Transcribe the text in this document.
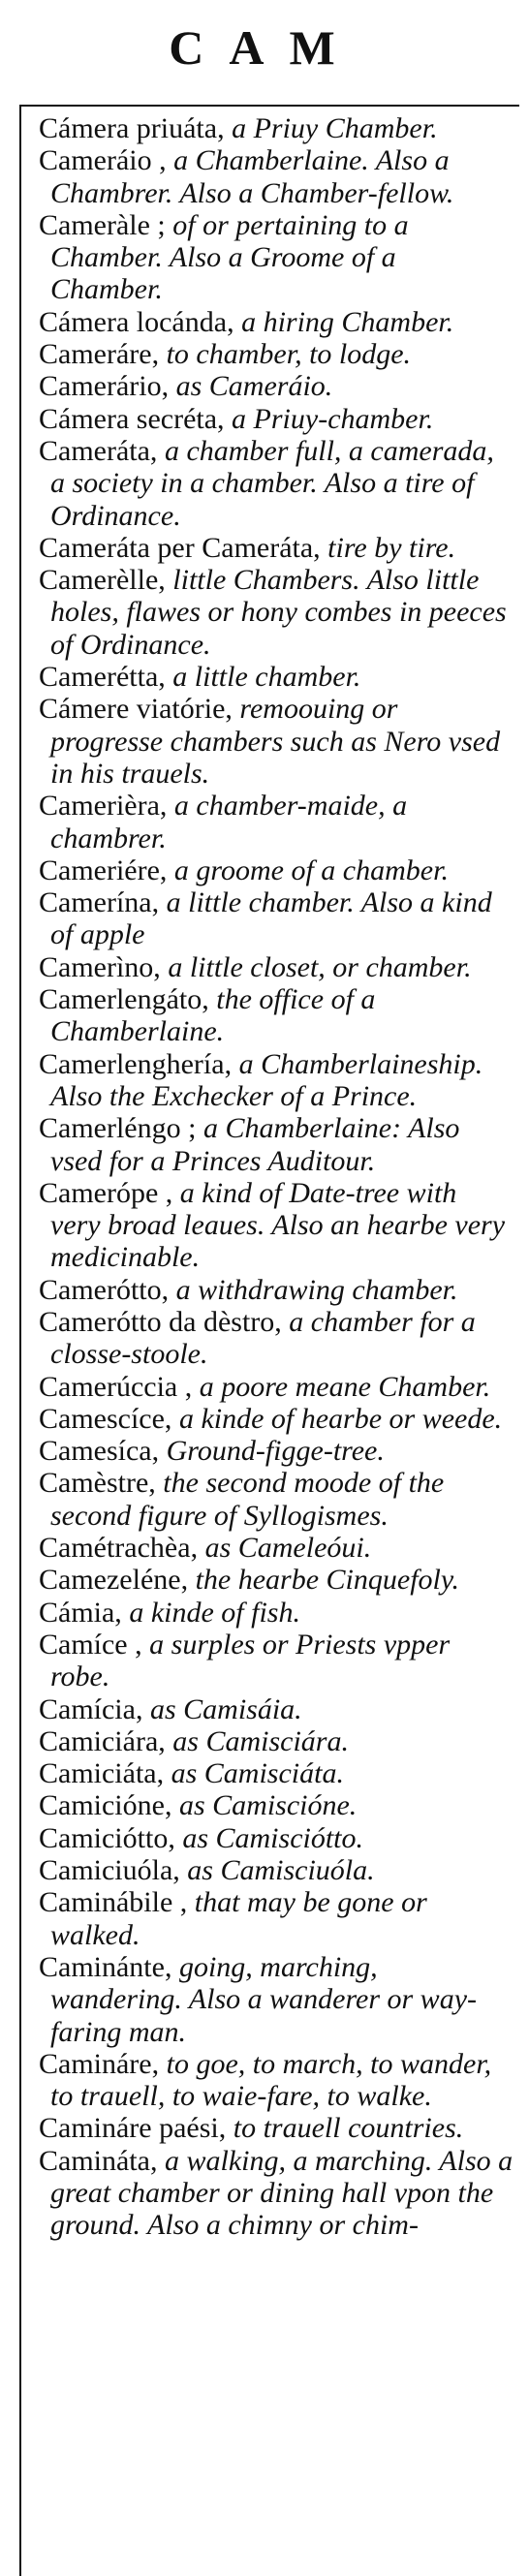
CAM

Cámera priuáta, a Priuy Chamber.

Cameráio , a Chamberlaine. Also a Chambrer. Also a Chamber-fellow.

Cameràle ; of or pertaining to a Chamber. Also a Groome of a Chamber.

Cámera locánda, a hiring Chamber.

Cameráre, to chamber, to lodge.

Camerário, as Cameráio.

Cámera secréta, a Priuy-chamber.

Cameráta, a chamber full, a camerada, a society in a chamber. Also a tire of Ordinance.

Cameráta per Cameráta, tire by tire.

Camerèlle, little Chambers. Also little holes, flawes or hony combes in peeces of Ordinance.

Camerétta, a little chamber.

Cámere viatórie, remoouing or progresse chambers such as Nero vsed in his trauels.

Camerièra, a chamber-maide, a chambrer.

Cameriére, a groome of a chamber.

Camerína, a little chamber. Also a kind of apple

Camerìno, a little closet, or chamber.

Camerlengáto, the office of a Chamberlaine.

Camerlenghería, a Chamberlaineship. Also the Exchecker of a Prince.

Camerléngo ; a Chamberlaine: Also vsed for a Princes Auditour.

Camerópe , a kind of Date-tree with very broad leaues. Also an hearbe very medicinable.

Camerótto, a withdrawing chamber.

Camerótto da dèstro, a chamber for a closse-stoole.

Camerúccia , a poore meane Chamber.

Camescíce, a kinde of hearbe or weede.

Camesíca, Ground-figge-tree.

Camèstre, the second moode of the second figure of Syllogismes.

Camétrachèa, as Cameleóui.

Camezeléne, the hearbe Cinquefoly.

Cámia, a kinde of fish.

Camíce , a surples or Priests vpper robe.

Camícia, as Camisáia.

Camiciára, as Camisciára.

Camiciáta, as Camisciáta.

Camicióne, as Camiscióne.

Camiciótto, as Camisciótto.

Camiciuóla, as Camisciuóla.

Caminábile , that may be gone or walked.

Caminánte, going, marching, wandering. Also a wanderer or way-faring man.

Camináre, to goe, to march, to wander, to trauell, to waie-fare, to walke.

Camináre paési, to trauell countries.

Camináta, a walking, a marching. Also a great chamber or dining hall vpon the ground. Also a chimny or chim-
